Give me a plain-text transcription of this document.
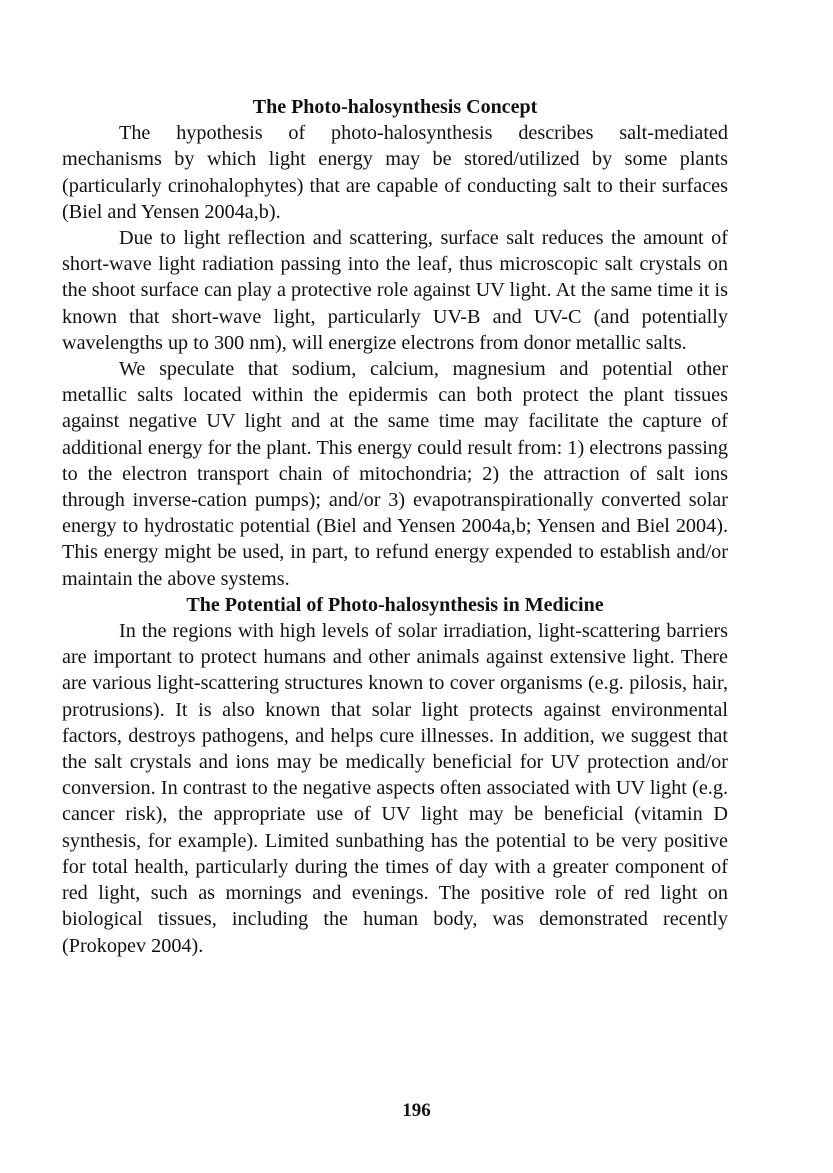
The Photo-halosynthesis Concept

The hypothesis of photo-halosynthesis describes salt-mediated mechanisms by which light energy may be stored/utilized by some plants (particularly crinohalophytes) that are capable of conducting salt to their surfaces (Biel and Yensen 2004a,b).

Due to light reflection and scattering, surface salt reduces the amount of short-wave light radiation passing into the leaf, thus microscopic salt crystals on the shoot surface can play a protective role against UV light. At the same time it is known that short-wave light, particularly UV-B and UV-C (and potentially wavelengths up to 300 nm), will energize electrons from donor metallic salts.

We speculate that sodium, calcium, magnesium and potential other metallic salts located within the epidermis can both protect the plant tissues against negative UV light and at the same time may facilitate the capture of additional energy for the plant. This energy could result from: 1) electrons passing to the electron transport chain of mitochondria; 2) the attraction of salt ions through inverse-cation pumps); and/or 3) evapotranspirationally converted solar energy to hydrostatic potential (Biel and Yensen 2004a,b; Yensen and Biel 2004). This energy might be used, in part, to refund energy expended to establish and/or maintain the above systems.

The Potential of Photo-halosynthesis in Medicine

In the regions with high levels of solar irradiation, light-scattering barriers are important to protect humans and other animals against extensive light. There are various light-scattering structures known to cover organisms (e.g. pilosis, hair, protrusions). It is also known that solar light protects against environmental factors, destroys pathogens, and helps cure illnesses. In addition, we suggest that the salt crystals and ions may be medically beneficial for UV protection and/or conversion. In contrast to the negative aspects often associated with UV light (e.g. cancer risk), the appropriate use of UV light may be beneficial (vitamin D synthesis, for example). Limited sunbathing has the potential to be very positive for total health, particularly during the times of day with a greater component of red light, such as mornings and evenings. The positive role of red light on biological tissues, including the human body, was demonstrated recently (Prokopev 2004).

196
